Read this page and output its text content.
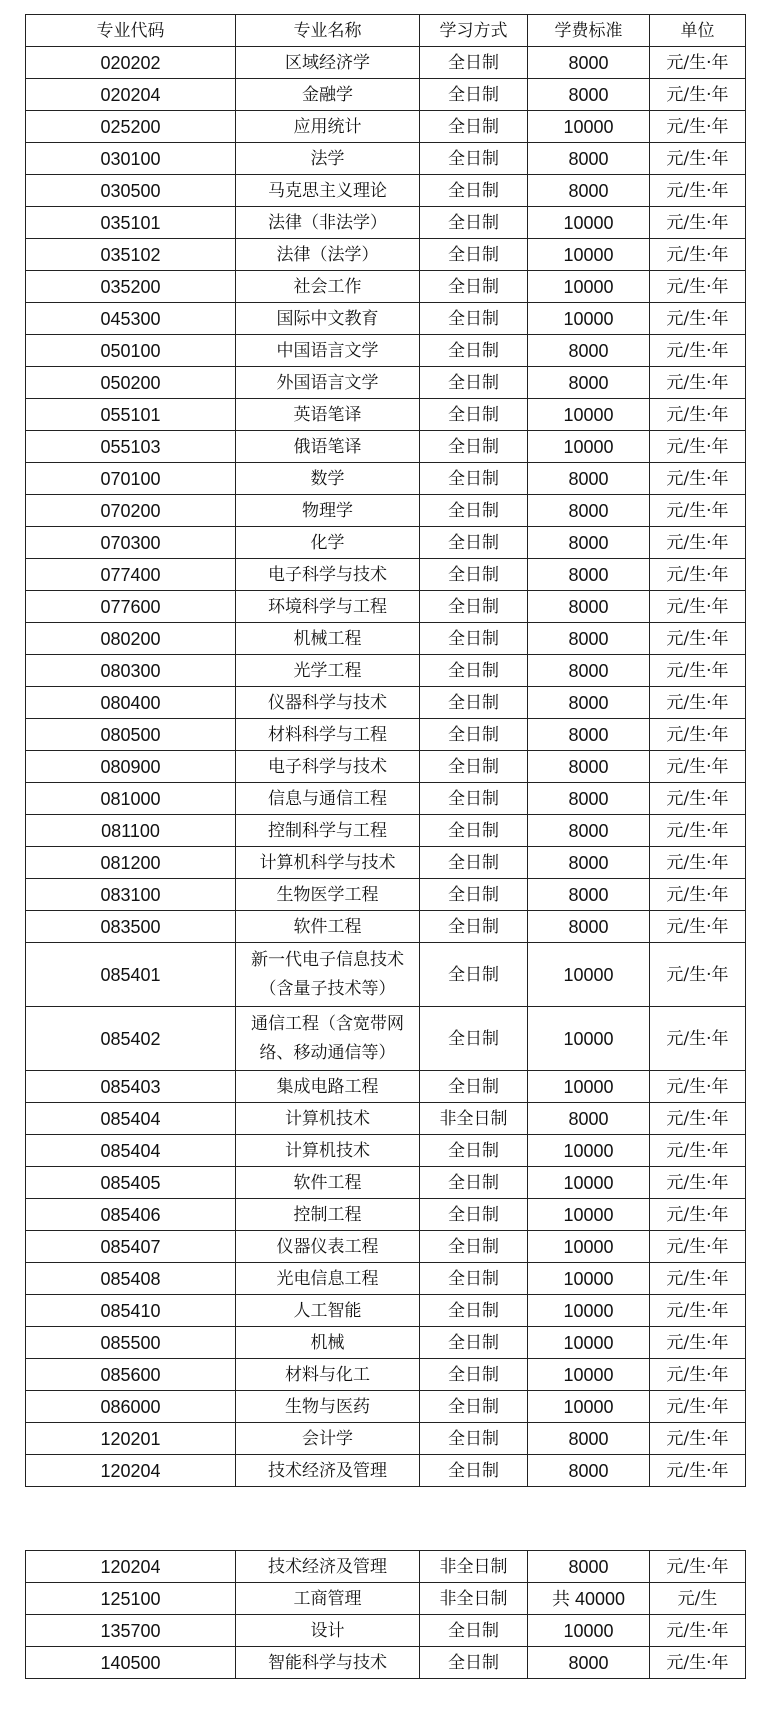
专业代码	专业名称	学习方式	学费标准	单位
020202	区域经济学	全日制	8000	元/生·年
020204	金融学	全日制	8000	元/生·年
025200	应用统计	全日制	10000	元/生·年
030100	法学	全日制	8000	元/生·年
030500	马克思主义理论	全日制	8000	元/生·年
035101	法律（非法学）	全日制	10000	元/生·年
035102	法律（法学）	全日制	10000	元/生·年
035200	社会工作	全日制	10000	元/生·年
045300	国际中文教育	全日制	10000	元/生·年
050100	中国语言文学	全日制	8000	元/生·年
050200	外国语言文学	全日制	8000	元/生·年
055101	英语笔译	全日制	10000	元/生·年
055103	俄语笔译	全日制	10000	元/生·年
070100	数学	全日制	8000	元/生·年
070200	物理学	全日制	8000	元/生·年
070300	化学	全日制	8000	元/生·年
077400	电子科学与技术	全日制	8000	元/生·年
077600	环境科学与工程	全日制	8000	元/生·年
080200	机械工程	全日制	8000	元/生·年
080300	光学工程	全日制	8000	元/生·年
080400	仪器科学与技术	全日制	8000	元/生·年
080500	材料科学与工程	全日制	8000	元/生·年
080900	电子科学与技术	全日制	8000	元/生·年
081000	信息与通信工程	全日制	8000	元/生·年
081100	控制科学与工程	全日制	8000	元/生·年
081200	计算机科学与技术	全日制	8000	元/生·年
083100	生物医学工程	全日制	8000	元/生·年
083500	软件工程	全日制	8000	元/生·年
085401	新一代电子信息技术
（含量子技术等）	全日制	10000	元/生·年
085402	通信工程（含宽带网
络、移动通信等）	全日制	10000	元/生·年
085403	集成电路工程	全日制	10000	元/生·年
085404	计算机技术	非全日制	8000	元/生·年
085404	计算机技术	全日制	10000	元/生·年
085405	软件工程	全日制	10000	元/生·年
085406	控制工程	全日制	10000	元/生·年
085407	仪器仪表工程	全日制	10000	元/生·年
085408	光电信息工程	全日制	10000	元/生·年
085410	人工智能	全日制	10000	元/生·年
085500	机械	全日制	10000	元/生·年
085600	材料与化工	全日制	10000	元/生·年
086000	生物与医药	全日制	10000	元/生·年
120201	会计学	全日制	8000	元/生·年
120204	技术经济及管理	全日制	8000	元/生·年
120204	技术经济及管理	非全日制	8000	元/生·年
125100	工商管理	非全日制	共 40000	元/生
135700	设计	全日制	10000	元/生·年
140500	智能科学与技术	全日制	8000	元/生·年
